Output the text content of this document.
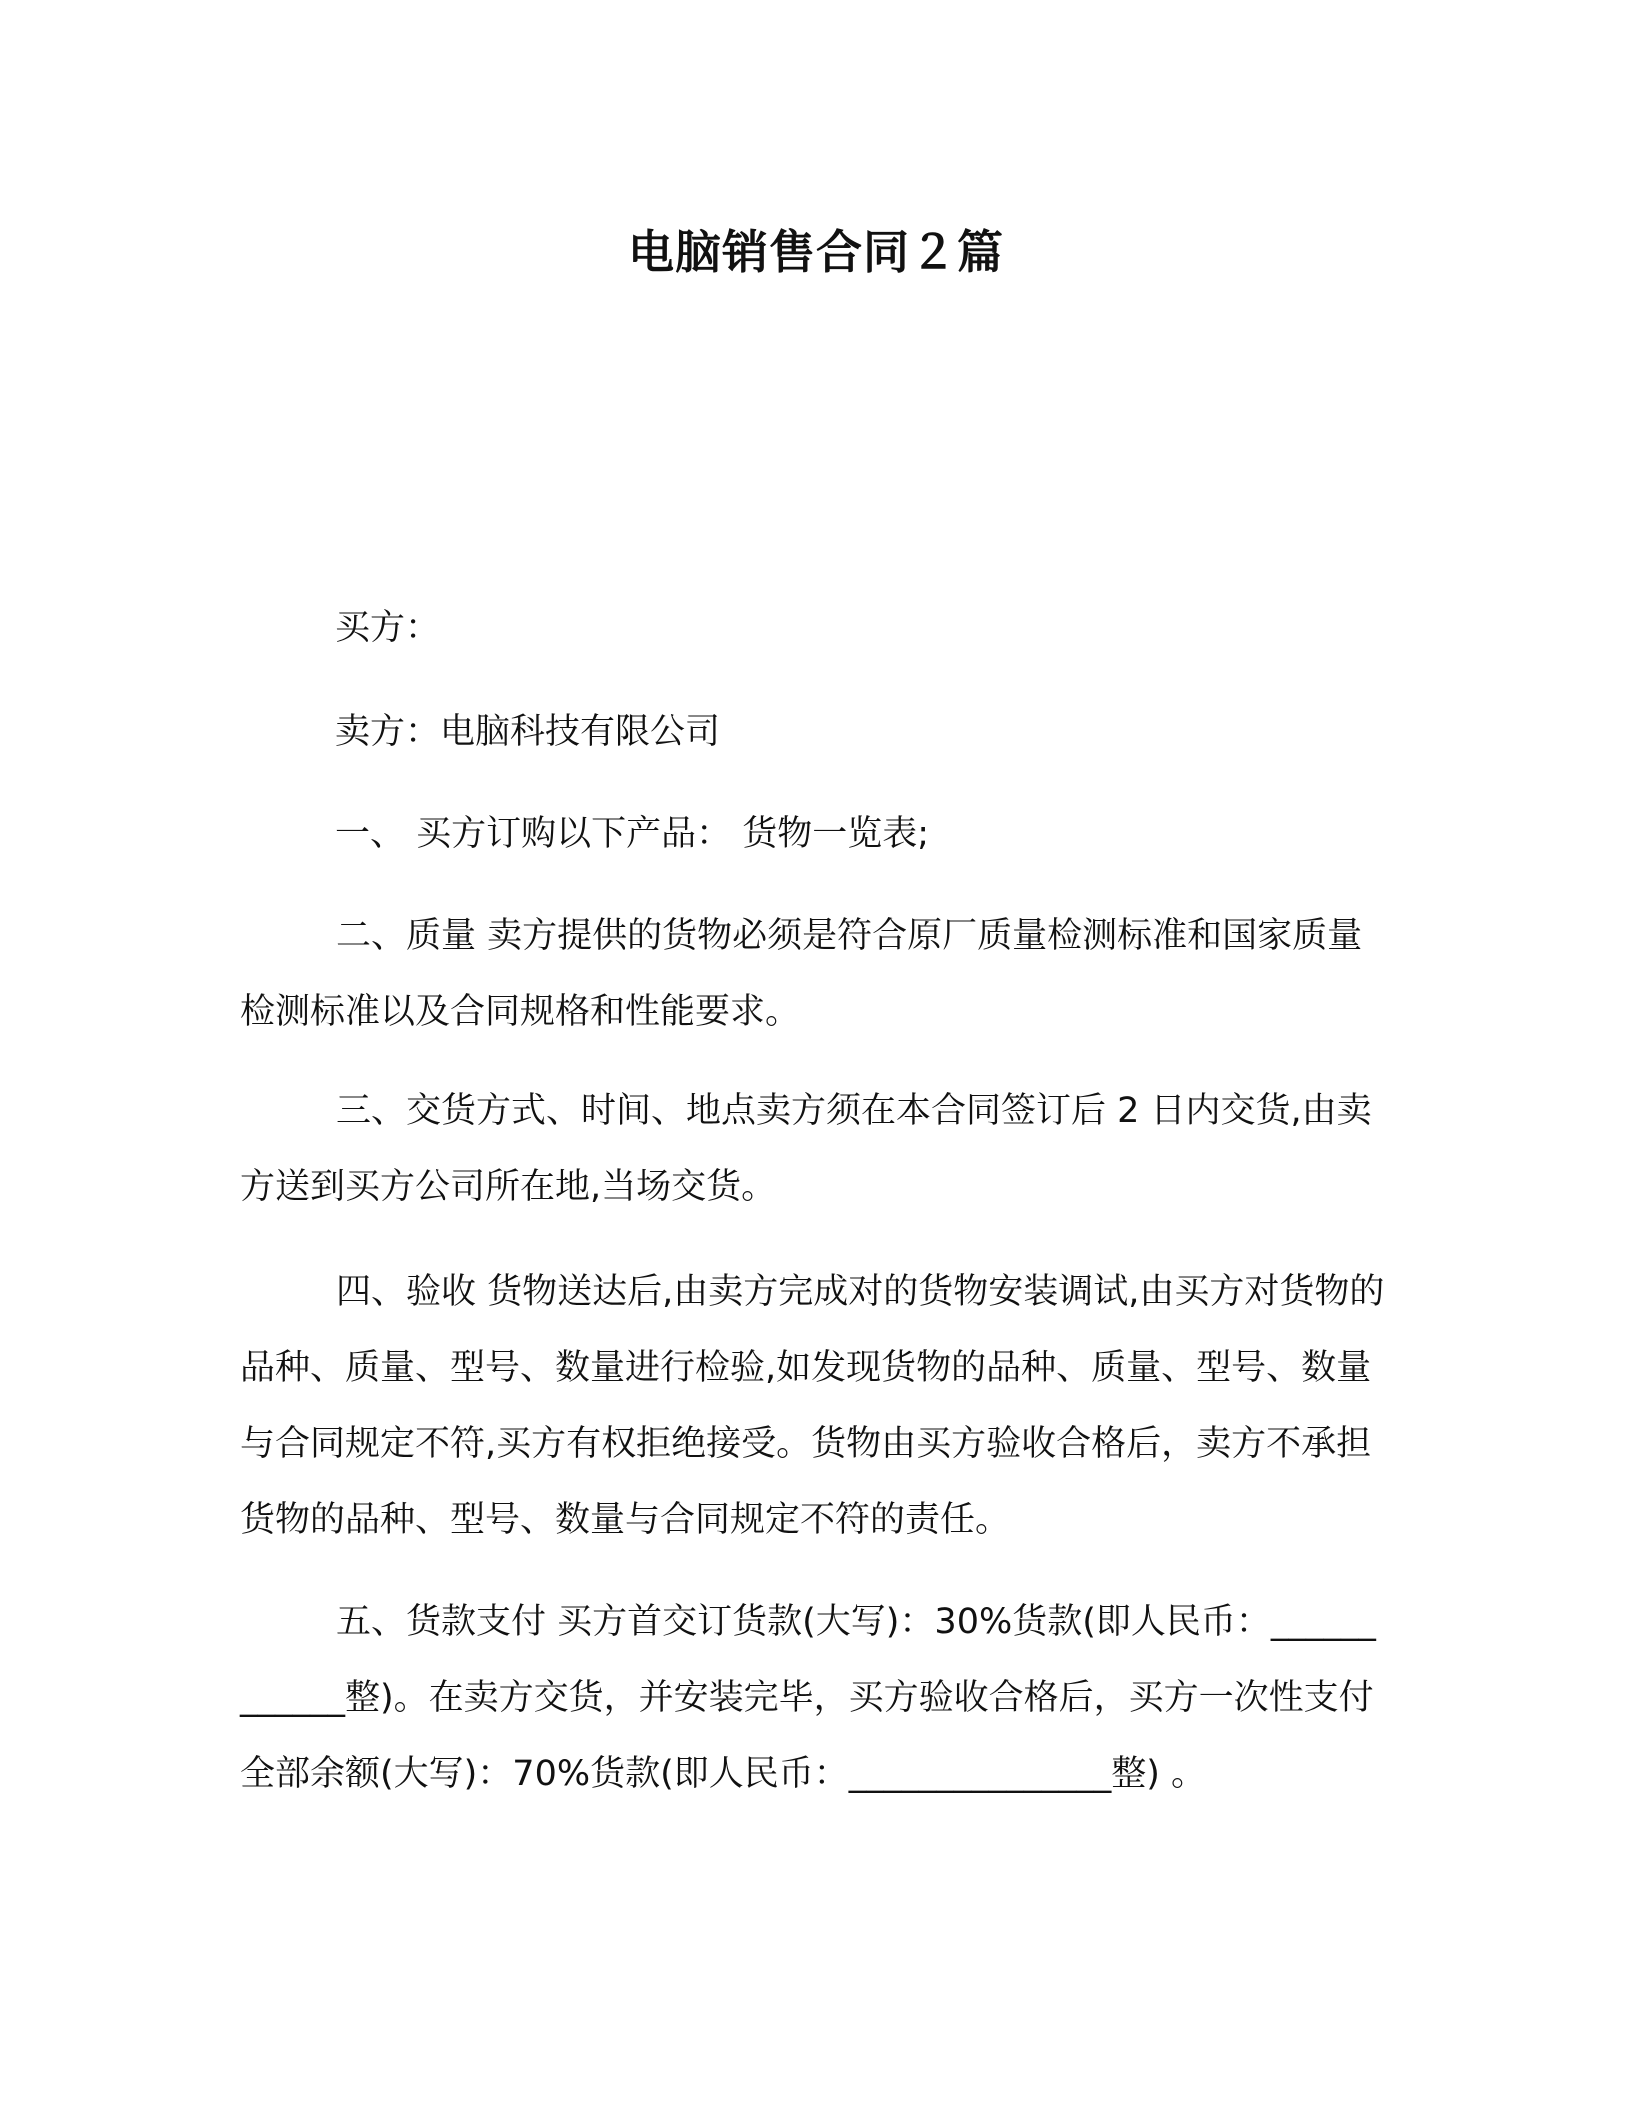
电脑销售合同２篇
买方：
卖方：电脑科技有限公司
一、 买方订购以下产品： 货物一览表;

二、质量 卖方提供的货物必须是符合原厂质量检测标准和国家质量检测标准以及合同规格和性能要求。

三、交货方式、时间、地点卖方须在本合同签订后 2 日内交货,由卖方送到买方公司所在地,当场交货。

四、验收 货物送达后,由卖方完成对的货物安装调试,由买方对货物的品种、质量、型号、数量进行检验,如发现货物的品种、质量、型号、数量与合同规定不符,买方有权拒绝接受。货物由买方验收合格后，卖方不承担货物的品种、型号、数量与合同规定不符的责任。

五、货款支付 买方首交订货款(大写)：30%货款(即人民币：____________整)。在卖方交货，并安装完毕，买方验收合格后，买方一次性支付全部余额(大写)：70%货款(即人民币：_______________整) 。
